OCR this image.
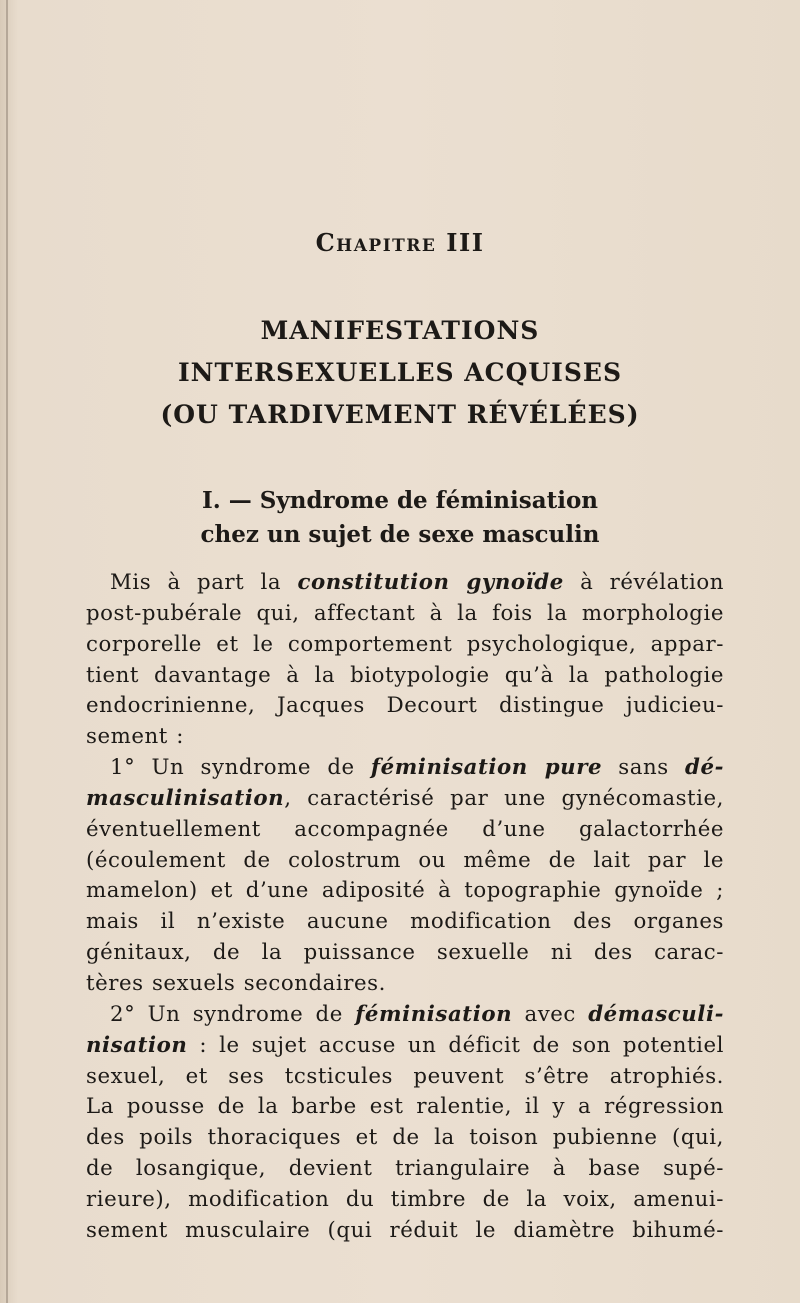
Chapitre III
MANIFESTATIONS
INTERSEXUELLES ACQUISES
(OU TARDIVEMENT RÉVÉLÉES)
I. — Syndrome de féminisation
chez un sujet de sexe masculin
Mis à part la constitution gynoïde à révélation
post-pubérale qui, affectant à la fois la morphologie
corporelle et le comportement psychologique, appar-
tient davantage à la biotypologie qu’à la pathologie
endocrinienne, Jacques Decourt distingue judicieu-
sement :
1° Un syndrome de féminisation pure sans dé-
masculinisation, caractérisé par une gynécomastie,
éventuellement accompagnée d’une galactorrhée
(écoulement de colostrum ou même de lait par le
mamelon) et d’une adiposité à topographie gynoïde ;
mais il n’existe aucune modification des organes
génitaux, de la puissance sexuelle ni des carac-
tères sexuels secondaires.
2° Un syndrome de féminisation avec démasculi-
nisation : le sujet accuse un déficit de son potentiel
sexuel, et ses tcsticules peuvent s’être atrophiés.
La pousse de la barbe est ralentie, il y a régression
des poils thoraciques et de la toison pubienne (qui,
de losangique, devient triangulaire à base supé-
rieure), modification du timbre de la voix, amenui-
sement musculaire (qui réduit le diamètre bihumé-
